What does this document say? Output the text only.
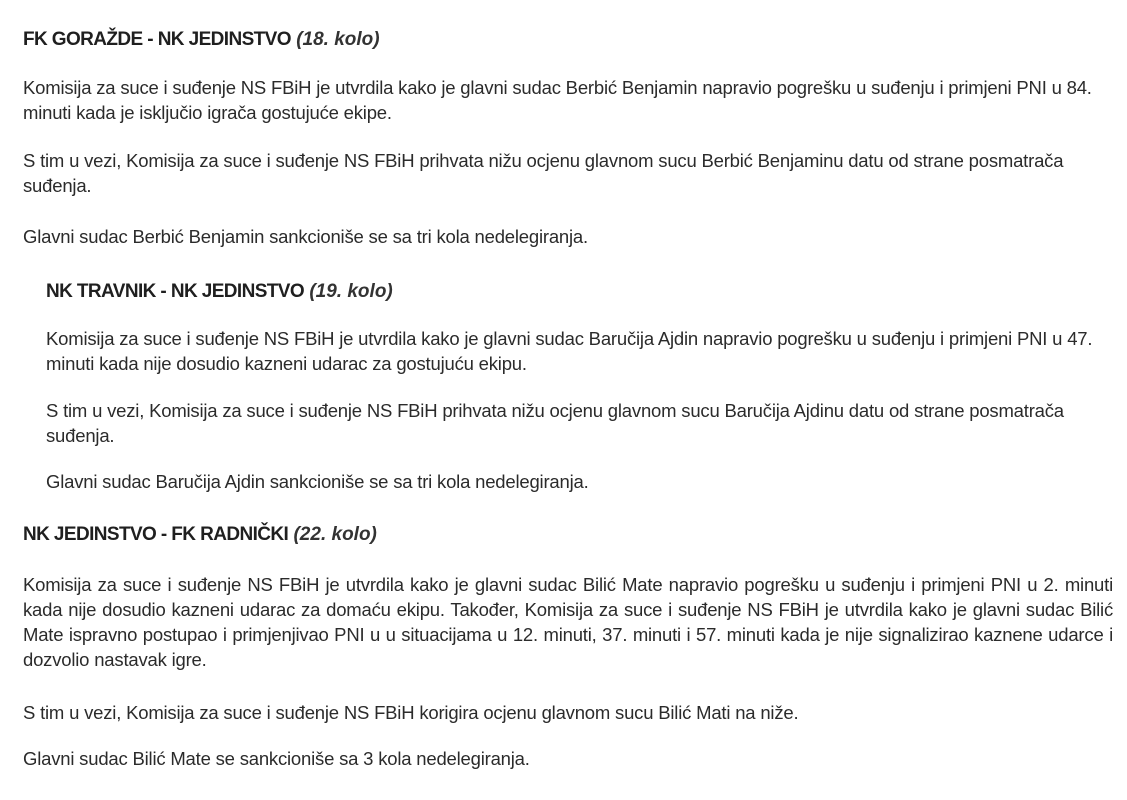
FK GORAŽDE - NK JEDINSTVO (18. kolo)

Komisija za suce i suđenje NS FBiH je utvrdila kako je glavni sudac Berbić Benjamin napravio pogrešku u suđenju i primjeni PNI u 84. minuti kada je isključio igrača gostujuće ekipe.

S tim u vezi, Komisija za suce i suđenje NS FBiH prihvata nižu ocjenu glavnom sucu Berbić Benjaminu datu od strane posmatrača suđenja.

Glavni sudac Berbić Benjamin sankcioniše se sa tri kola nedelegiranja.

NK TRAVNIK - NK JEDINSTVO (19. kolo)

Komisija za suce i suđenje NS FBiH je utvrdila kako je glavni sudac Baručija Ajdin napravio pogrešku u suđenju i primjeni PNI u 47. minuti kada nije dosudio kazneni udarac za gostujuću ekipu.

S tim u vezi, Komisija za suce i suđenje NS FBiH prihvata nižu ocjenu glavnom sucu Baručija Ajdinu datu od strane posmatrača suđenja.

Glavni sudac Baručija Ajdin sankcioniše se sa tri kola nedelegiranja.

NK JEDINSTVO - FK RADNIČKI (22. kolo)

Komisija za suce i suđenje NS FBiH je utvrdila kako je glavni sudac Bilić Mate napravio pogrešku u suđenju i primjeni PNI u 2. minuti kada nije dosudio kazneni udarac za domaću ekipu. Također, Komisija za suce i suđenje NS FBiH je utvrdila kako je glavni sudac Bilić Mate ispravno postupao i primjenjivao PNI u u situacijama u 12. minuti, 37. minuti i 57. minuti kada je nije signalizirao kaznene udarce i dozvolio nastavak igre.

S tim u vezi, Komisija za suce i suđenje NS FBiH korigira ocjenu glavnom sucu Bilić Mati na niže.

Glavni sudac Bilić Mate se sankcioniše sa 3 kola nedelegiranja.
